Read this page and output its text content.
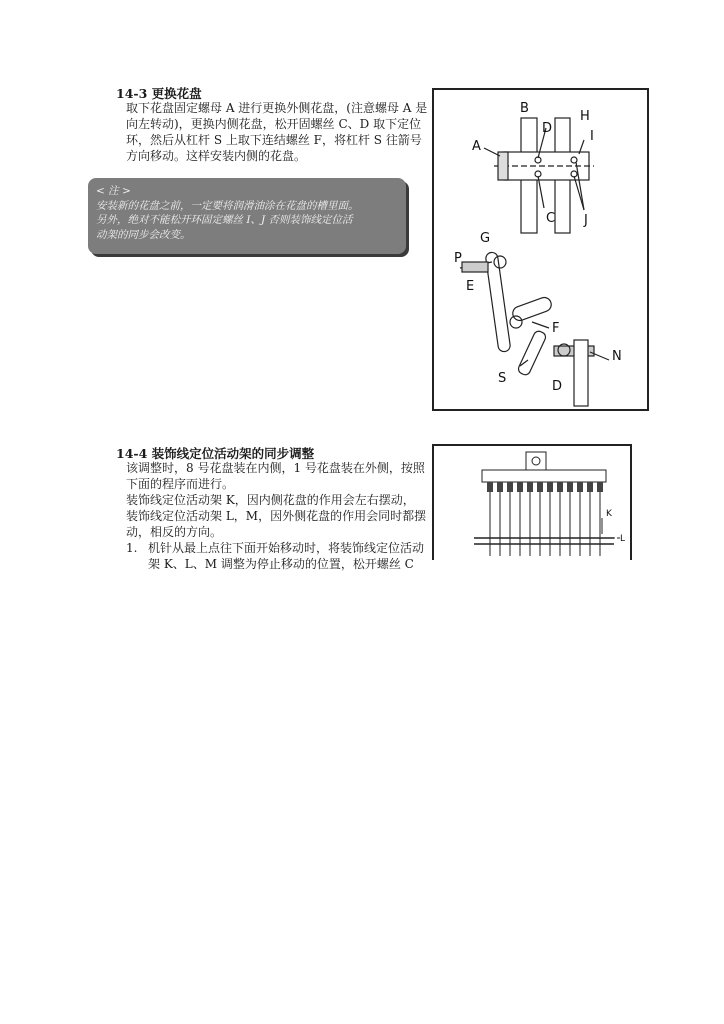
14-3 更换花盘
取下花盘固定螺母 A 进行更换外侧花盘，(注意螺母 A 是
向左转动)，更换内侧花盘，松开固螺丝 C、D 取下定位
环，然后从杠杆 S 上取下连结螺丝 F，将杠杆 S 往箭号
方向移动。这样安装内侧的花盘。
< 注 >
安装新的花盘之前，一定要将润滑油涂在花盘的槽里面。
另外，绝对不能松开环固定螺丝 I、J 否则装饰线定位活
动架的同步会改变。
A
B
D
H
I
C J
G
P
E
F
N
S
D
14-4 装饰线定位活动架的同步调整
该调整时，8 号花盘装在内侧，1 号花盘装在外侧，按照
下面的程序而进行。
装饰线定位活动架 K，因内侧花盘的作用会左右摆动，
装饰线定位活动架 L，M，因外侧花盘的作用会同时都摆
动，相反的方向。
1. 机针从最上点往下面开始移动时，将装饰线定位活动
架 K、L、M 调整为停止移动的位置，松开螺丝 C
K
L
